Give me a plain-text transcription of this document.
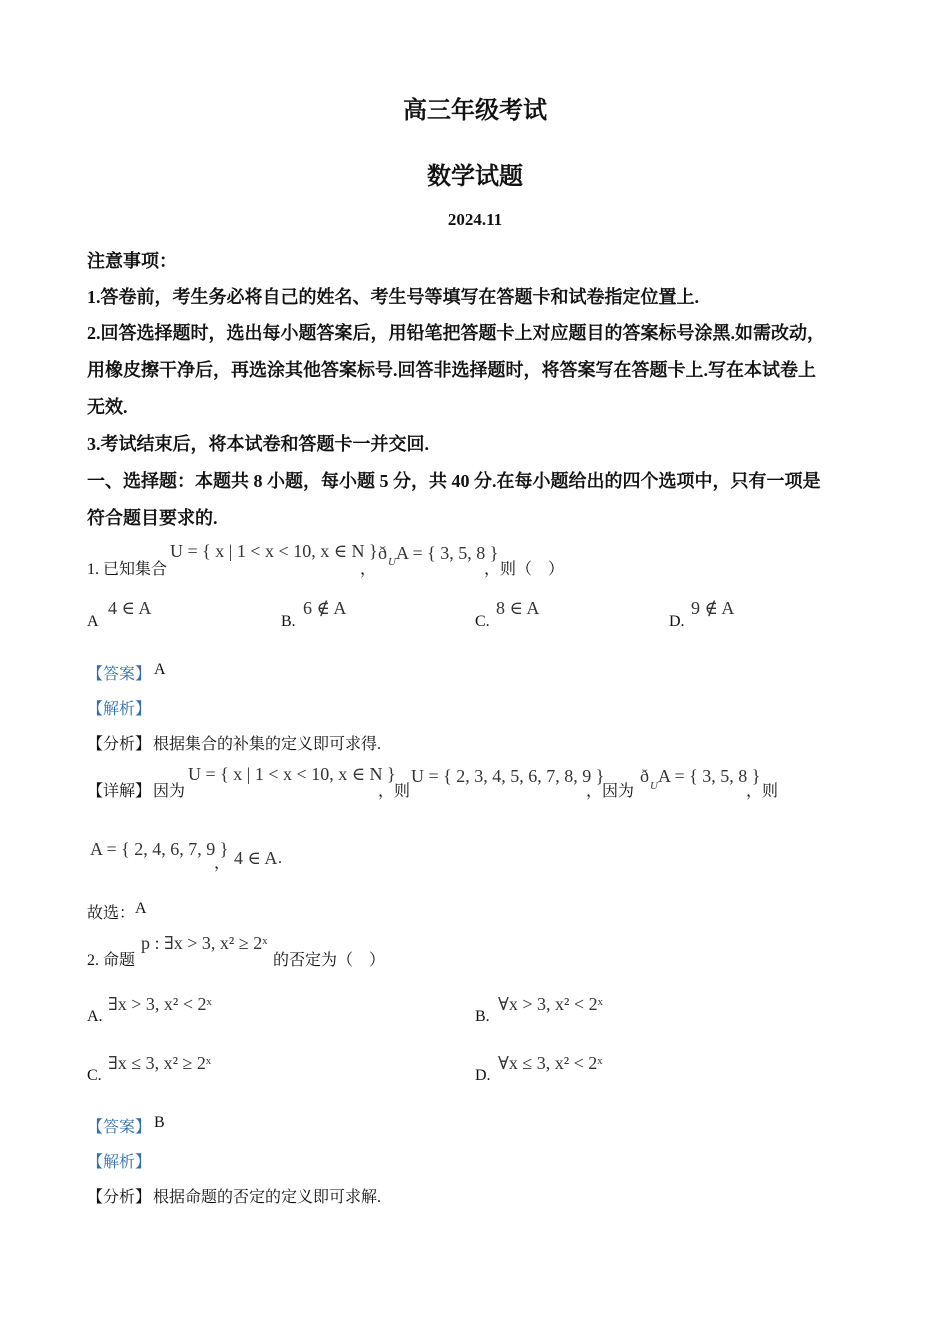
高三年级考试
数学试题
2024.11
注意事项：
1.答卷前，考生务必将自己的姓名、考生号等填写在答题卡和试卷指定位置上.
2.回答选择题时，选出每小题答案后，用铅笔把答题卡上对应题目的答案标号涂黑.如需改动，
用橡皮擦干净后，再选涂其他答案标号.回答非选择题时，将答案写在答题卡上.写在本试卷上
无效.
3.考试结束后，将本试卷和答题卡一并交回.
一、选择题：本题共 8 小题，每小题 5 分，共 40 分.在每小题给出的四个选项中，只有一项是
符合题目要求的.
1. 已知集合
U = { x | 1 < x < 10, x ∈ N }
，
ð U A = { 3, 5, 8 }
，则（　）
A
4 ∈ A
B.
6 ∉ A
C.
8 ∈ A
D.
9 ∉ A
【答案】 A
【解析】
【分析】 根据集合的补集的定义即可求得.
【详解】 因为
U = { x | 1 < x < 10, x ∈ N }
，则
U = { 2, 3, 4, 5, 6, 7, 8, 9 }
，因为
ð U A = { 3, 5, 8 }
，则
A = { 2, 4, 6, 7, 9 }
， 4 ∈ A .
故选： A
2. 命题
p : ∃x > 3, x² ≥ 2ˣ
的否定为（　）
A.
∃x > 3, x² < 2ˣ
B.
∀x > 3, x² < 2ˣ
C.
∃x ≤ 3, x² ≥ 2ˣ
D.
∀x ≤ 3, x² < 2ˣ
【答案】 B
【解析】
【分析】 根据命题的否定的定义即可求解.
